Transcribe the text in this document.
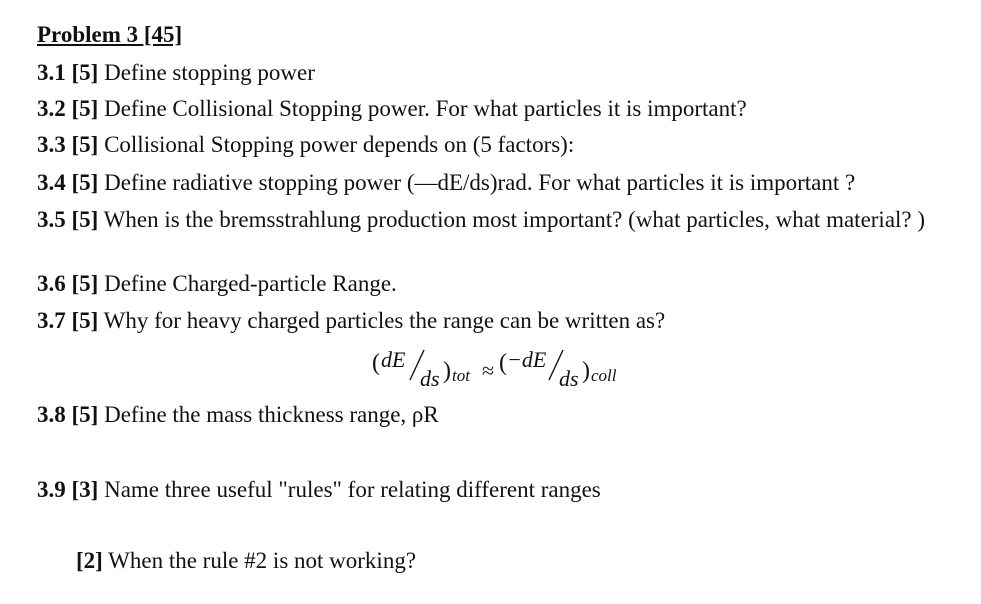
Problem 3 [45]
3.1 [5] Define stopping power
3.2 [5] Define Collisional Stopping power. For what particles it is important?
3.3 [5] Collisional Stopping power depends on (5 factors):
3.4 [5] Define radiative stopping power (—dE/ds)rad. For what particles it is important ?
3.5 [5] When is the bremsstrahlung production most important? (what particles, what material? )
3.6 [5] Define Charged-particle Range.
3.7 [5] Why for heavy charged particles the range can be written as?
( dE
ds ) tot ≈ ( −dE
ds ) coll
3.8 [5] Define the mass thickness range, ρR
3.9 [3] Name three useful "rules" for relating different ranges
[2] When the rule #2 is not working?
